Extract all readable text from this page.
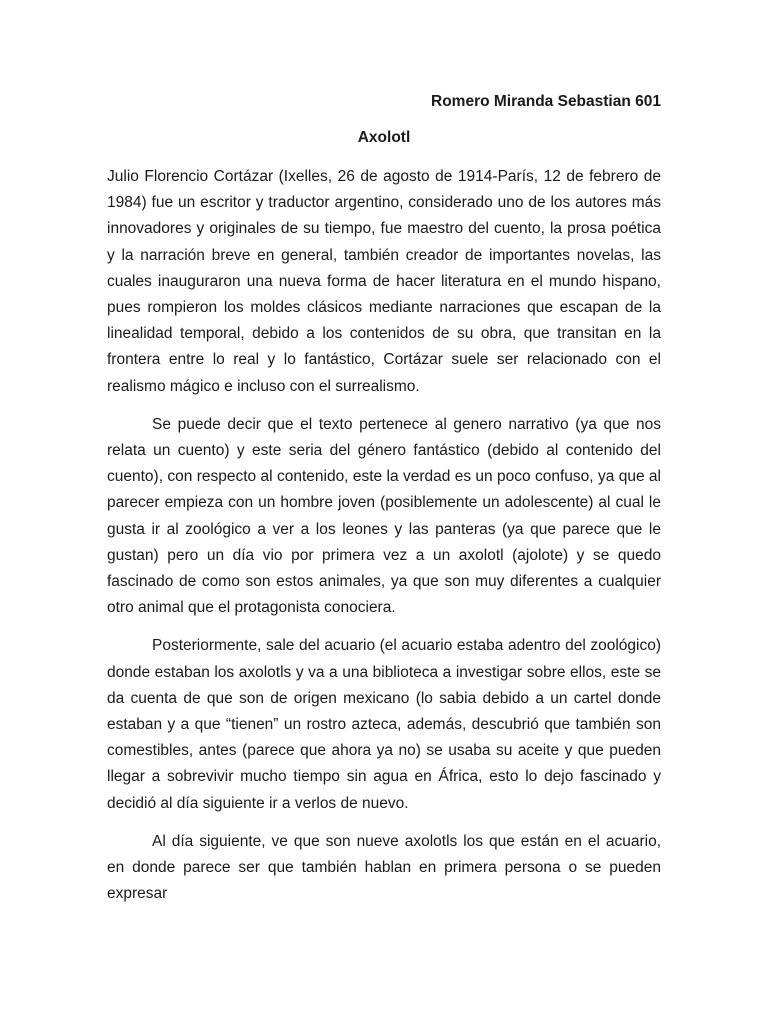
Romero Miranda Sebastian 601

Axolotl

Julio Florencio Cortázar (Ixelles, 26 de agosto de 1914-París, 12 de febrero de 1984) fue un escritor y traductor argentino, considerado uno de los autores más innovadores y originales de su tiempo, fue maestro del cuento, la prosa poética y la narración breve en general, también creador de importantes novelas, las cuales inauguraron una nueva forma de hacer literatura en el mundo hispano, pues rompieron los moldes clásicos mediante narraciones que escapan de la linealidad temporal, debido a los contenidos de su obra, que transitan en la frontera entre lo real y lo fantástico, Cortázar suele ser relacionado con el realismo mágico e incluso con el surrealismo.

Se puede decir que el texto pertenece al genero narrativo (ya que nos relata un cuento) y este seria del género fantástico (debido al contenido del cuento), con respecto al contenido, este la verdad es un poco confuso, ya que al parecer empieza con un hombre joven (posiblemente un adolescente) al cual le gusta ir al zoológico a ver a los leones y las panteras (ya que parece que le gustan) pero un día vio por primera vez a un axolotl (ajolote) y se quedo fascinado de como son estos animales, ya que son muy diferentes a cualquier otro animal que el protagonista conociera.

Posteriormente, sale del acuario (el acuario estaba adentro del zoológico) donde estaban los axolotls y va a una biblioteca a investigar sobre ellos, este se da cuenta de que son de origen mexicano (lo sabia debido a un cartel donde estaban y a que “tienen” un rostro azteca, además, descubrió que también son comestibles, antes (parece que ahora ya no) se usaba su aceite y que pueden llegar a sobrevivir mucho tiempo sin agua en África, esto lo dejo fascinado y decidió al día siguiente ir a verlos de nuevo.

Al día siguiente, ve que son nueve axolotls los que están en el acuario, en donde parece ser que también hablan en primera persona o se pueden expresar
